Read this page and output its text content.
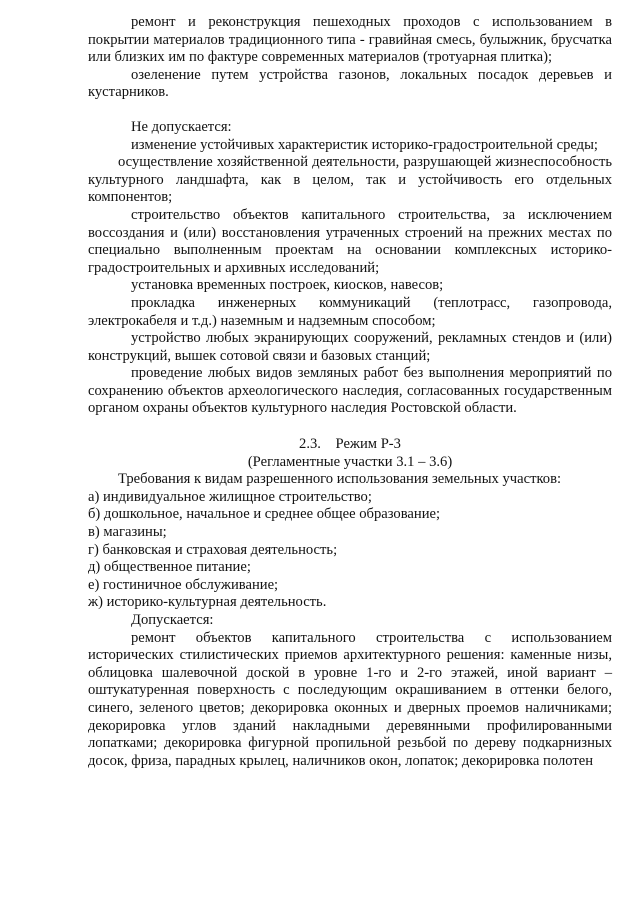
ремонт и реконструкция пешеходных проходов с использованием в покрытии материалов традиционного типа - гравийная смесь, булыжник, брусчатка или близких им по фактуре современных материалов (тротуарная плитка);

озеленение путем устройства газонов, локальных посадок деревьев и кустарников.

Не допускается:

изменение устойчивых характеристик историко-градостроительной среды;

осуществление хозяйственной деятельности, разрушающей жизнеспособность культурного ландшафта, как в целом, так и устойчивость его отдельных компонентов;

строительство объектов капитального строительства, за исключением воссоздания и (или) восстановления утраченных строений на прежних местах по специально выполненным проектам на основании комплексных историко-градостроительных и архивных исследований;

установка временных построек, киосков, навесов;

прокладка инженерных коммуникаций (теплотрасс, газопровода, электрокабеля и т.д.) наземным и надземным способом;

устройство любых экранирующих сооружений, рекламных стендов и (или) конструкций, вышек сотовой связи и базовых станций;

проведение любых видов земляных работ без выполнения мероприятий по сохранению объектов археологического наследия, согласованных государственным органом охраны объектов культурного наследия Ростовской области.

2.3.    Режим Р-3

(Регламентные участки 3.1 – 3.6)

Требования к видам разрешенного использования земельных участков:

а) индивидуальное жилищное строительство;

б) дошкольное, начальное и среднее общее образование;

в) магазины;

г) банковская и страховая деятельность;

д) общественное питание;

е) гостиничное обслуживание;

ж) историко-культурная деятельность.

Допускается:

ремонт объектов капитального строительства с использованием исторических стилистических приемов архитектурного решения: каменные низы, облицовка шалевочной доской в уровне 1-го и 2-го этажей, иной вариант – оштукатуренная поверхность с последующим окрашиванием в оттенки белого, синего, зеленого цветов; декорировка оконных и дверных проемов наличниками; декорировка углов зданий накладными деревянными профилированными лопатками; декорировка фигурной пропильной резьбой по дереву подкарнизных досок, фриза, парадных крылец, наличников окон, лопаток; декорировка полотен
